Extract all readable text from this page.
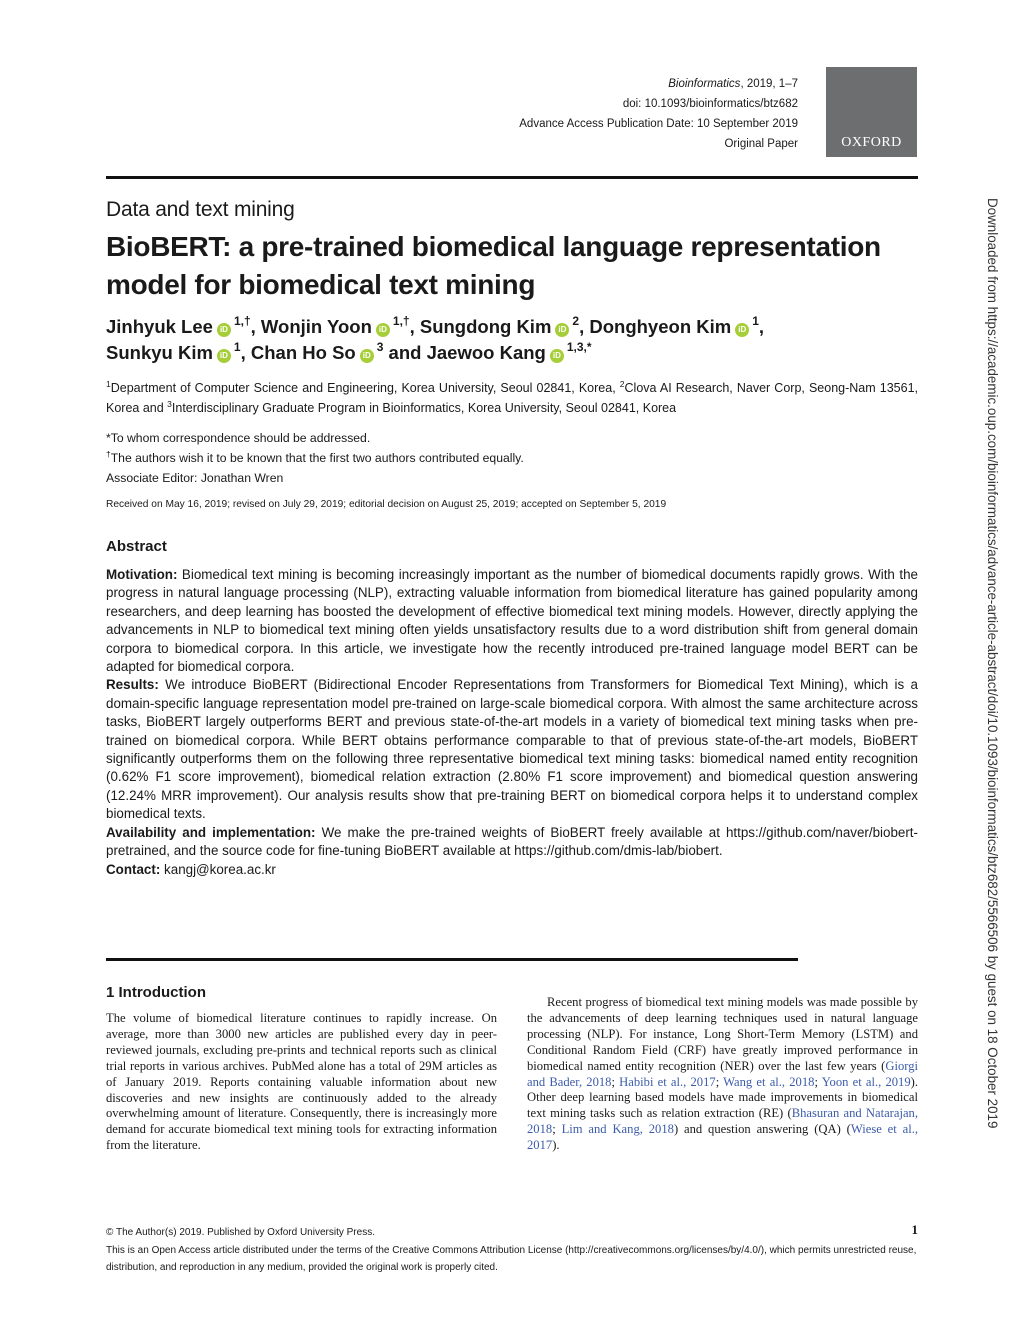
Bioinformatics, 2019, 1–7
doi: 10.1093/bioinformatics/btz682
Advance Access Publication Date: 10 September 2019
Original Paper	OXFORD
Data and text mining
BioBERT: a pre-trained biomedical language representation model for biomedical text mining
Jinhyuk Lee $iD^{1,\dagger}$, Wonjin Yoon $iD^{1,\dagger}$, Sungdong Kim $iD^2$, Donghyeon Kim $iD^1$,
Sunkyu Kim $iD^1$, Chan Ho So $iD^3$ and Jaewoo Kang $iD^{1,3,*}$
$^1$Department of Computer Science and Engineering, Korea University, Seoul 02841, Korea, $^2$Clova AI Research, Naver Corp, Seong-Nam 13561, Korea and $^3$Interdisciplinary Graduate Program in Bioinformatics, Korea University, Seoul 02841, Korea
*To whom correspondence should be addressed.
†The authors wish it to be known that the first two authors contributed equally.
Associate Editor: Jonathan Wren
Received on May 16, 2019; revised on July 29, 2019; editorial decision on August 25, 2019; accepted on September 5, 2019
Abstract

Motivation: Biomedical text mining is becoming increasingly important as the number of biomedical documents rapidly grows. With the progress in natural language processing (NLP), extracting valuable information from biomedical literature has gained popularity among researchers, and deep learning has boosted the development of effective biomedical text mining models. However, directly applying the advancements in NLP to biomedical text mining often yields unsatisfactory results due to a word distribution shift from general domain corpora to biomedical corpora. In this article, we investigate how the recently introduced pre-trained language model BERT can be adapted for biomedical corpora.

Results: We introduce BioBERT (Bidirectional Encoder Representations from Transformers for Biomedical Text Mining), which is a domain-specific language representation model pre-trained on large-scale biomedical corpora. With almost the same architecture across tasks, BioBERT largely outperforms BERT and previous state-of-the-art models in a variety of biomedical text mining tasks when pre-trained on biomedical corpora. While BERT obtains performance comparable to that of previous state-of-the-art models, BioBERT significantly outperforms them on the following three representative biomedical text mining tasks: biomedical named entity recognition (0.62% F1 score improvement), biomedical relation extraction (2.80% F1 score improvement) and biomedical question answering (12.24% MRR improvement). Our analysis results show that pre-training BERT on biomedical corpora helps it to understand complex biomedical texts.

Availability and implementation: We make the pre-trained weights of BioBERT freely available at https://github.com/naver/biobert-pretrained, and the source code for fine-tuning BioBERT available at https://github.com/dmis-lab/biobert.

Contact: kangj@korea.ac.kr

1 Introduction
The volume of biomedical literature continues to rapidly increase. On average, more than 3000 new articles are published every day in peer-reviewed journals, excluding pre-prints and technical reports such as clinical trial reports in various archives. PubMed alone has a total of 29M articles as of January 2019. Reports containing valuable information about new discoveries and new insights are continuously added to the already overwhelming amount of literature. Consequently, there is increasingly more demand for accurate biomedical text mining tools for extracting information from the literature.
Recent progress of biomedical text mining models was made possible by the advancements of deep learning techniques used in natural language processing (NLP). For instance, Long Short-Term Memory (LSTM) and Conditional Random Field (CRF) have greatly improved performance in biomedical named entity recognition (NER) over the last few years (Giorgi and Bader, 2018; Habibi et al., 2017; Wang et al., 2018; Yoon et al., 2019). Other deep learning based models have made improvements in biomedical text mining tasks such as relation extraction (RE) (Bhasuran and Natarajan, 2018; Lim and Kang, 2018) and question answering (QA) (Wiese et al., 2017).
© The Author(s) 2019. Published by Oxford University Press.
This is an Open Access article distributed under the terms of the Creative Commons Attribution License (http://creativecommons.org/licenses/by/4.0/), which permits unrestricted reuse, distribution, and reproduction in any medium, provided the original work is properly cited.
1
Downloaded from https://academic.oup.com/bioinformatics/advance-article-abstract/doi/10.1093/bioinformatics/btz682/5566506 by guest on 18 October 2019
